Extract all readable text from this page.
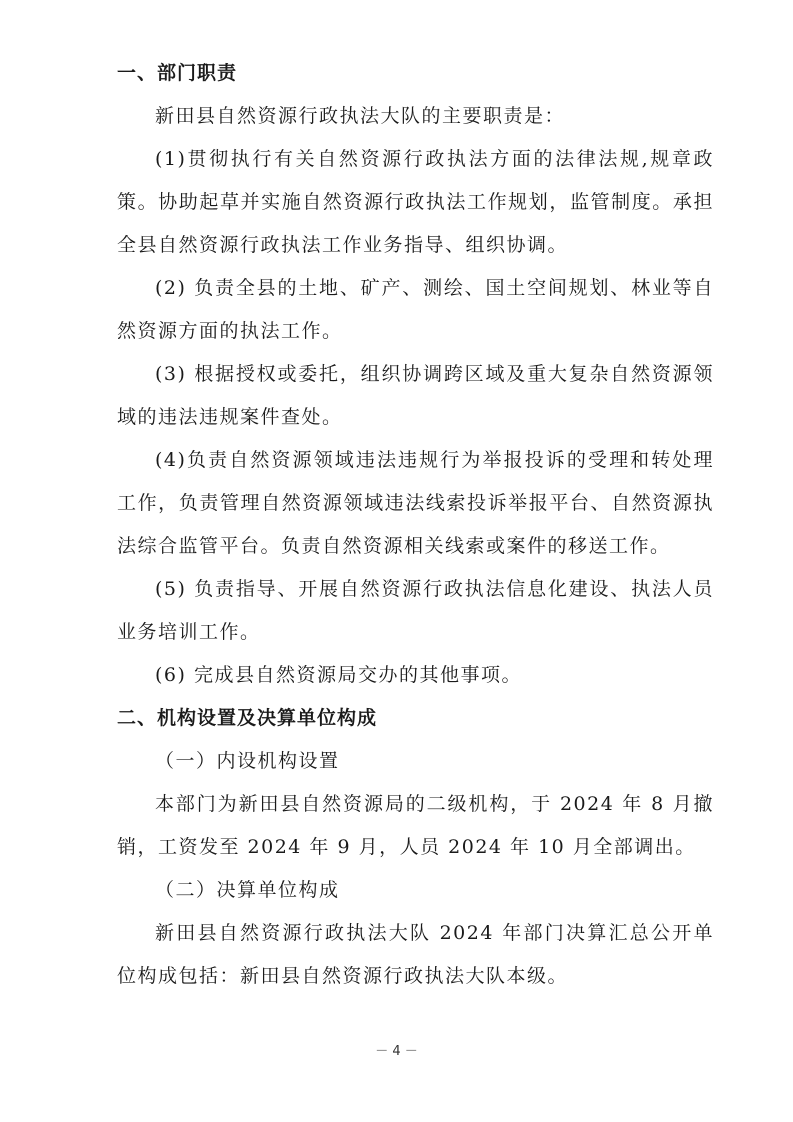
一、部门职责

新田县自然资源行政执法大队的主要职责是：

(1)贯彻执行有关自然资源行政执法方面的法律法规,规章政策。协助起草并实施自然资源行政执法工作规划，监管制度。承担全县自然资源行政执法工作业务指导、组织协调。

(2) 负责全县的土地、矿产、测绘、国土空间规划、林业等自然资源方面的执法工作。

(3) 根据授权或委托，组织协调跨区域及重大复杂自然资源领域的违法违规案件查处。

(4)负责自然资源领域违法违规行为举报投诉的受理和转处理工作，负责管理自然资源领域违法线索投诉举报平台、自然资源执法综合监管平台。负责自然资源相关线索或案件的移送工作。

(5) 负责指导、开展自然资源行政执法信息化建设、执法人员业务培训工作。

(6) 完成县自然资源局交办的其他事项。

二、机构设置及决算单位构成

（一）内设机构设置

本部门为新田县自然资源局的二级机构，于 2024 年 8 月撤销，工资发至 2024 年 9 月，人员 2024 年 10 月全部调出。

（二）决算单位构成

新田县自然资源行政执法大队 2024 年部门决算汇总公开单位构成包括：新田县自然资源行政执法大队本级。

－ 4 －
